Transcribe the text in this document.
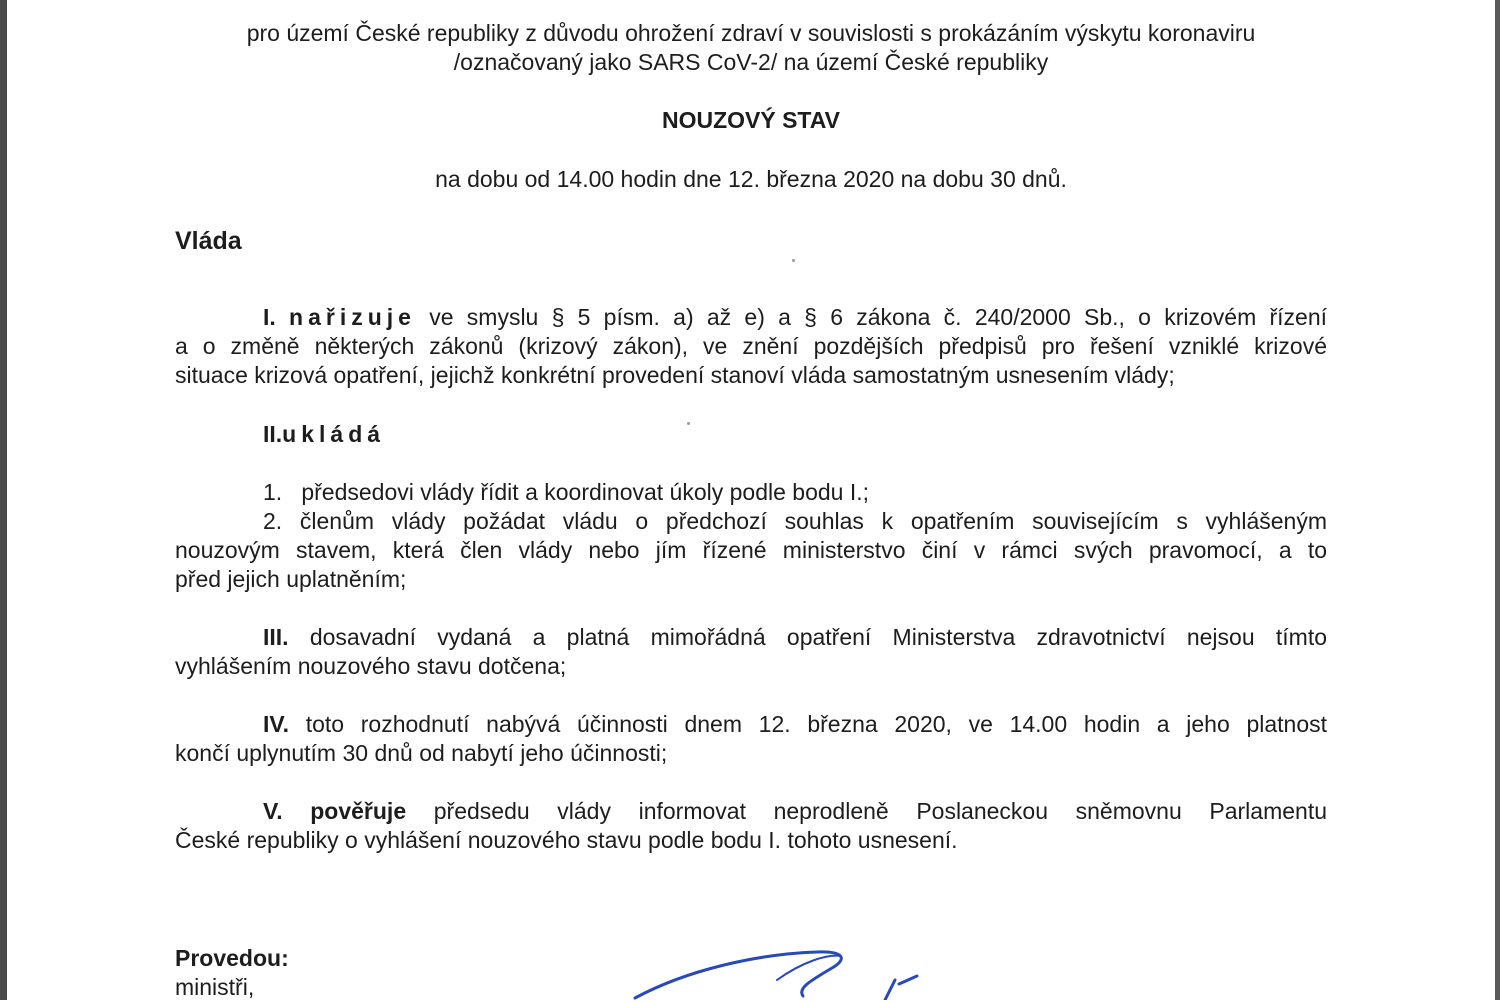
pro území České republiky z důvodu ohrožení zdraví v souvislosti s prokázáním výskytu koronaviru
/označovaný jako SARS CoV-2/ na území České republiky
NOUZOVÝ STAV
na dobu od 14.00 hodin dne 12. března 2020 na dobu 30 dnů.
Vláda
I. nařizuje ve smyslu § 5 písm. a) až e) a § 6 zákona č. 240/2000 Sb., o krizovém řízení
a o změně některých zákonů (krizový zákon), ve znění pozdějších předpisů pro řešení vzniklé krizové
situace krizová opatření, jejichž konkrétní provedení stanoví vláda samostatným usnesením vlády;
II.ukládá
1.   předsedovi vlády řídit a koordinovat úkoly podle bodu I.;
2. členům vlády požádat vládu o předchozí souhlas k opatřením souvisejícím s vyhlášeným
nouzovým stavem, která člen vlády nebo jím řízené ministerstvo činí v rámci svých pravomocí, a to
před jejich uplatněním;
III. dosavadní vydaná a platná mimořádná opatření Ministerstva zdravotnictví nejsou tímto
vyhlášením nouzového stavu dotčena;
IV. toto rozhodnutí nabývá účinnosti dnem 12. března 2020, ve 14.00 hodin a jeho platnost
končí uplynutím 30 dnů od nabytí jeho účinnosti;
V. pověřuje předsedu vlády informovat neprodleně Poslaneckou sněmovnu Parlamentu
České republiky o vyhlášení nouzového stavu podle bodu I. tohoto usnesení.
Provedou:
ministři,
